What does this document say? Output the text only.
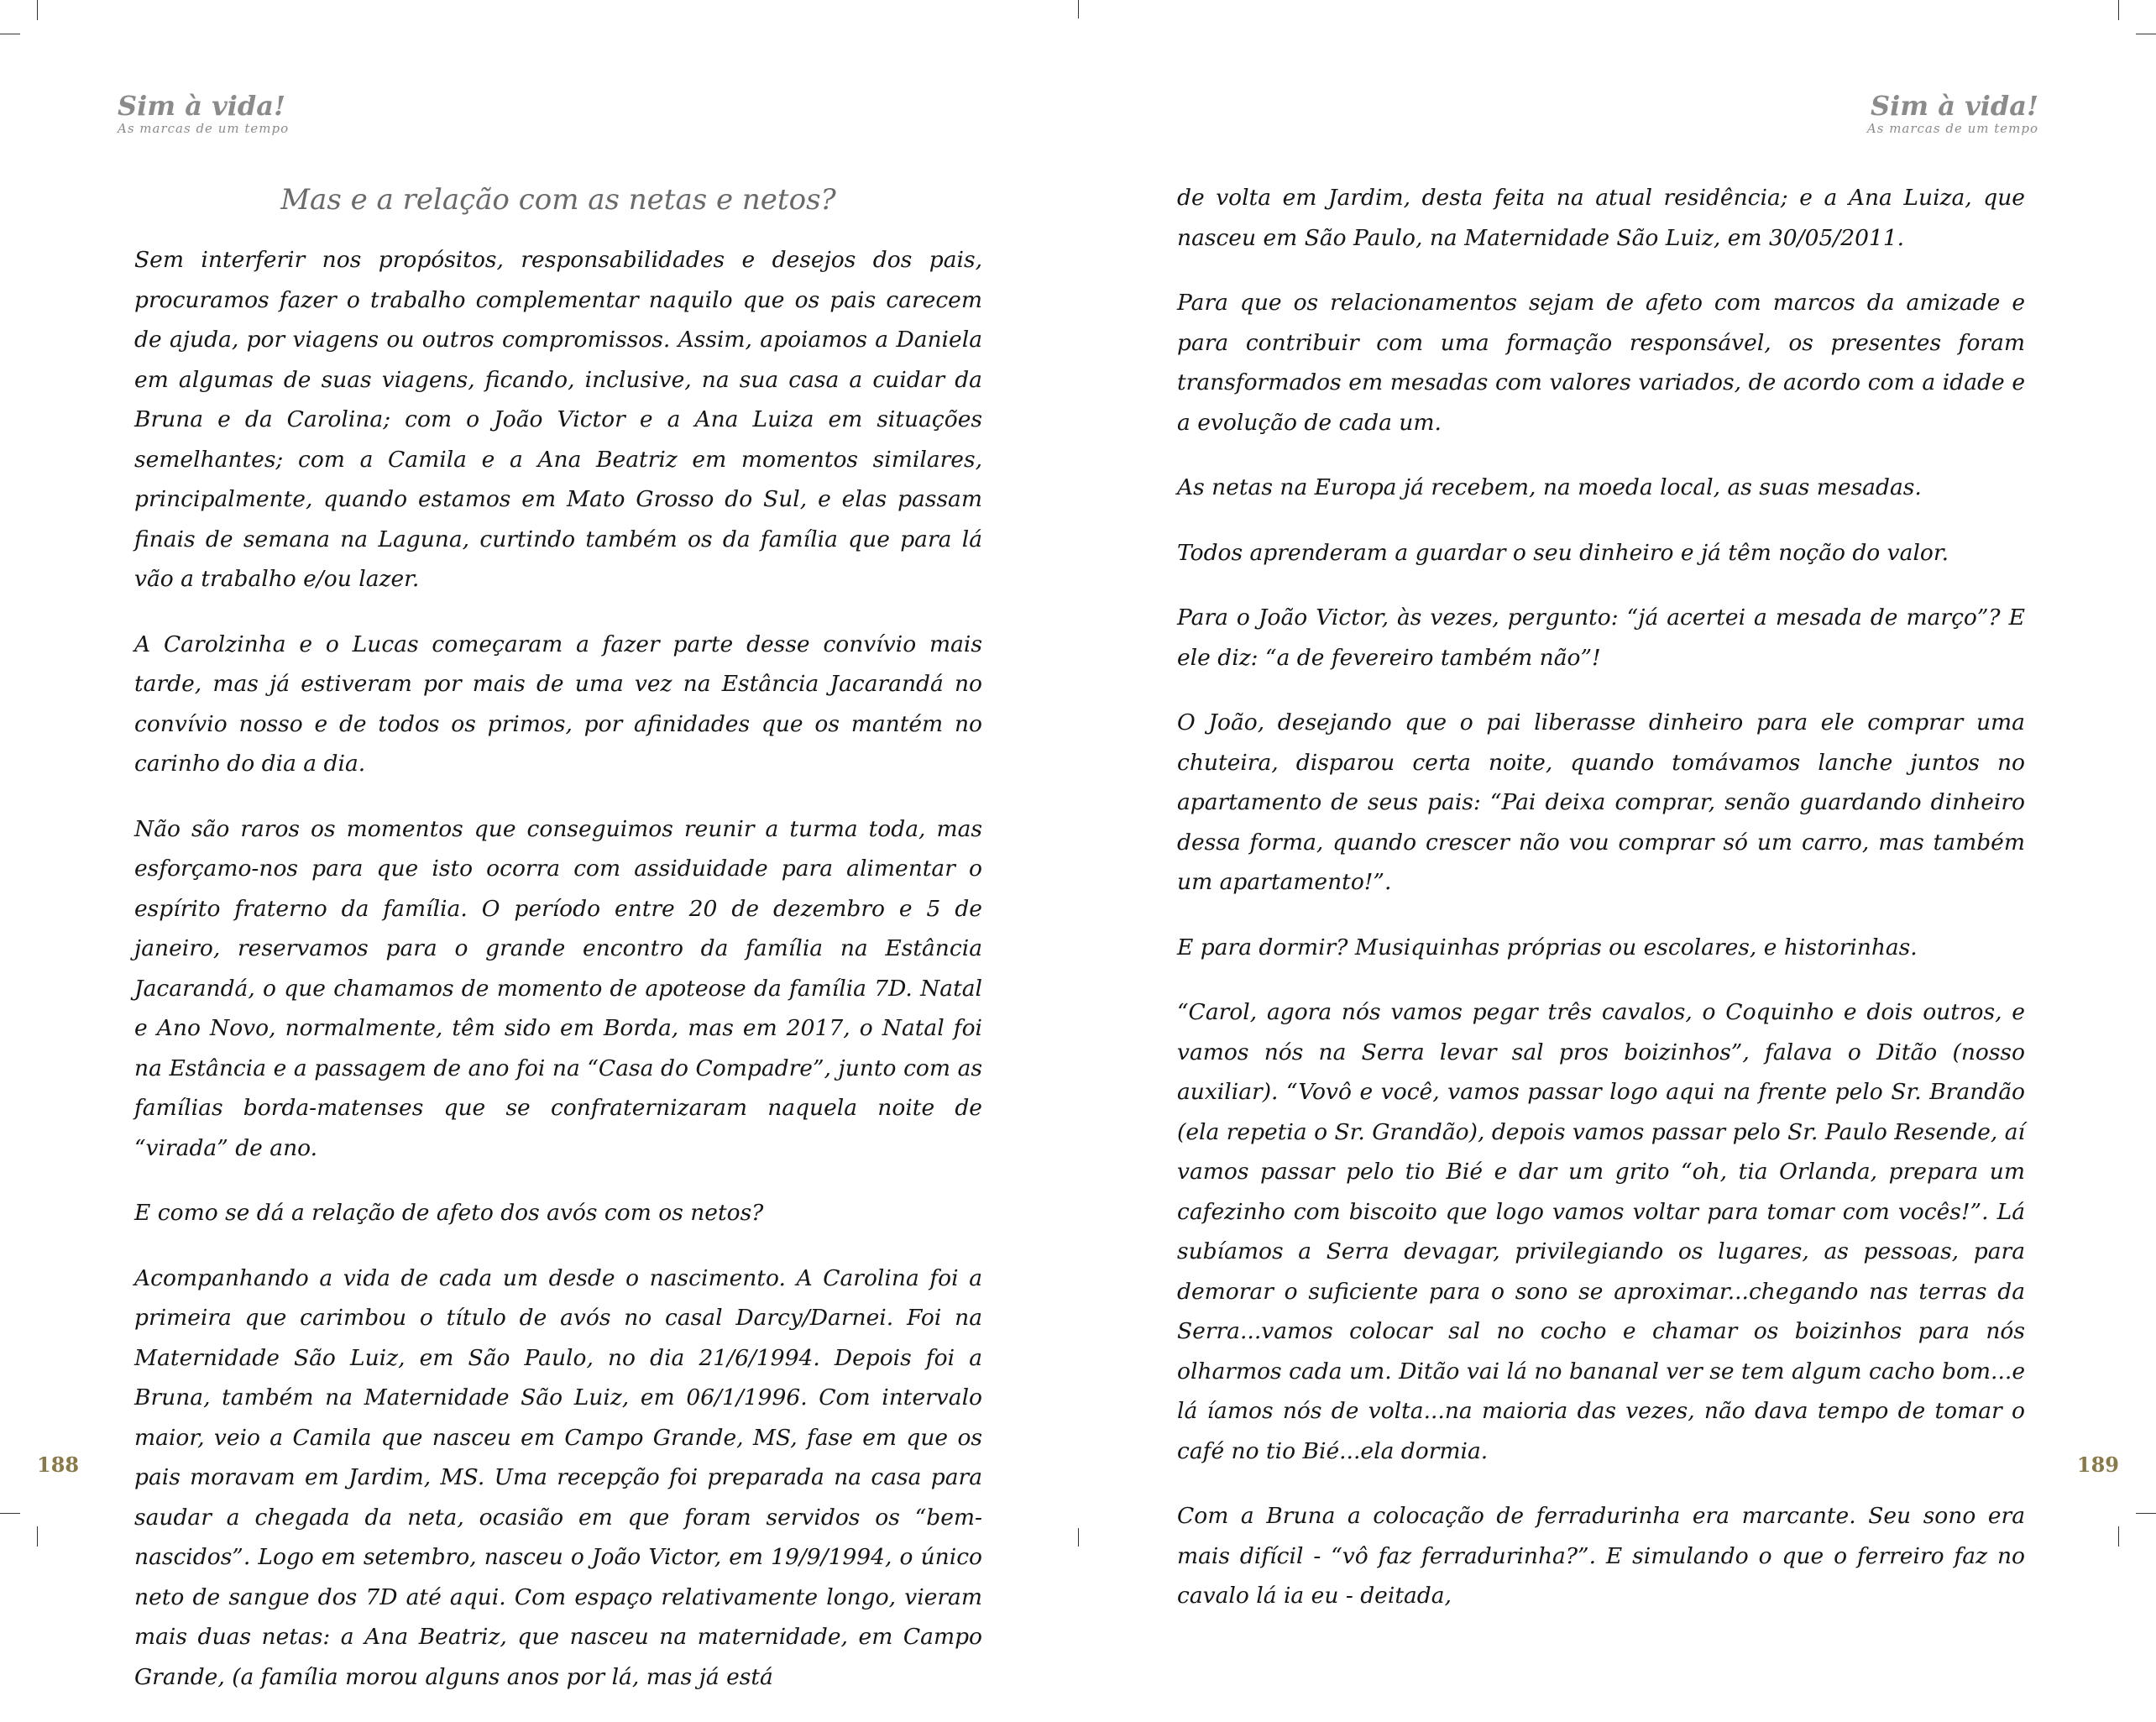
Sim à vida!
As marcas de um tempo
Mas e a relação com as netas e netos?

Sem interferir nos propósitos, responsabilidades e desejos dos pais, procuramos fazer o trabalho complementar naquilo que os pais carecem de ajuda, por viagens ou outros compromissos. Assim, apoiamos a Daniela em algumas de suas viagens, ficando, inclusive, na sua casa a cuidar da Bruna e da Carolina; com o João Victor e a Ana Luiza em situações semelhantes; com a Camila e a Ana Beatriz em momentos similares, principalmente, quando estamos em Mato Grosso do Sul, e elas passam finais de semana na Laguna, curtindo também os da família que para lá vão a trabalho e/ou lazer.

A Carolzinha e o Lucas começaram a fazer parte desse convívio mais tarde, mas já estiveram por mais de uma vez na Estância Jacarandá no convívio nosso e de todos os primos, por afinidades que os mantém no carinho do dia a dia.

Não são raros os momentos que conseguimos reunir a turma toda, mas esforçamo-nos para que isto ocorra com assiduidade para alimentar o espírito fraterno da família. O período entre 20 de dezembro e 5 de janeiro, reservamos para o grande encontro da família na Estância Jacarandá, o que chamamos de momento de apoteose da família 7D. Natal e Ano Novo, normalmente, têm sido em Borda, mas em 2017, o Natal foi na Estância e a passagem de ano foi na “Casa do Compadre”, junto com as famílias borda-matenses que se confraternizaram naquela noite de “virada” de ano.

E como se dá a relação de afeto dos avós com os netos?

Acompanhando a vida de cada um desde o nascimento. A Carolina foi a primeira que carimbou o título de avós no casal Darcy/Darnei. Foi na Maternidade São Luiz, em São Paulo, no dia 21/6/1994. Depois foi a Bruna, também na Maternidade São Luiz, em 06/1/1996. Com intervalo maior, veio a Camila que nasceu em Campo Grande, MS, fase em que os pais moravam em Jardim, MS. Uma recepção foi preparada na casa para saudar a chegada da neta, ocasião em que foram servidos os “bem-nascidos”. Logo em setembro, nasceu o João Victor, em 19/9/1994, o único neto de sangue dos 7D até aqui. Com espaço relativamente longo, vieram mais duas netas: a Ana Beatriz, que nasceu na maternidade, em Campo Grande, (a família morou alguns anos por lá, mas já está

188
Sim à vida!
As marcas de um tempo

de volta em Jardim, desta feita na atual residência; e a Ana Luiza, que nasceu em São Paulo, na Maternidade São Luiz, em 30/05/2011.

Para que os relacionamentos sejam de afeto com marcos da amizade e para contribuir com uma formação responsável, os presentes foram transformados em mesadas com valores variados, de acordo com a idade e a evolução de cada um.

As netas na Europa já recebem, na moeda local, as suas mesadas.

Todos aprenderam a guardar o seu dinheiro e já têm noção do valor.

Para o João Victor, às vezes, pergunto: “já acertei a mesada de março”? E ele diz: “a de fevereiro também não”!

O João, desejando que o pai liberasse dinheiro para ele comprar uma chuteira, disparou certa noite, quando tomávamos lanche juntos no apartamento de seus pais: “Pai deixa comprar, senão guardando dinheiro dessa forma, quando crescer não vou comprar só um carro, mas também um apartamento!”.

E para dormir? Musiquinhas próprias ou escolares, e historinhas.

“Carol, agora nós vamos pegar três cavalos, o Coquinho e dois outros, e vamos nós na Serra levar sal pros boizinhos”, falava o Ditão (nosso auxiliar). “Vovô e você, vamos passar logo aqui na frente pelo Sr. Brandão (ela repetia o Sr. Grandão), depois vamos passar pelo Sr. Paulo Resende, aí vamos passar pelo tio Bié e dar um grito “oh, tia Orlanda, prepara um cafezinho com biscoito que logo vamos voltar para tomar com vocês!”. Lá subíamos a Serra devagar, privilegiando os lugares, as pessoas, para demorar o suficiente para o sono se aproximar...chegando nas terras da Serra...vamos colocar sal no cocho e chamar os boizinhos para nós olharmos cada um. Ditão vai lá no bananal ver se tem algum cacho bom...e lá íamos nós de volta...na maioria das vezes, não dava tempo de tomar o café no tio Bié...ela dormia.

Com a Bruna a colocação de ferradurinha era marcante. Seu sono era mais difícil - “vô faz ferradurinha?”. E simulando o que o ferreiro faz no cavalo lá ia eu - deitada,

189
